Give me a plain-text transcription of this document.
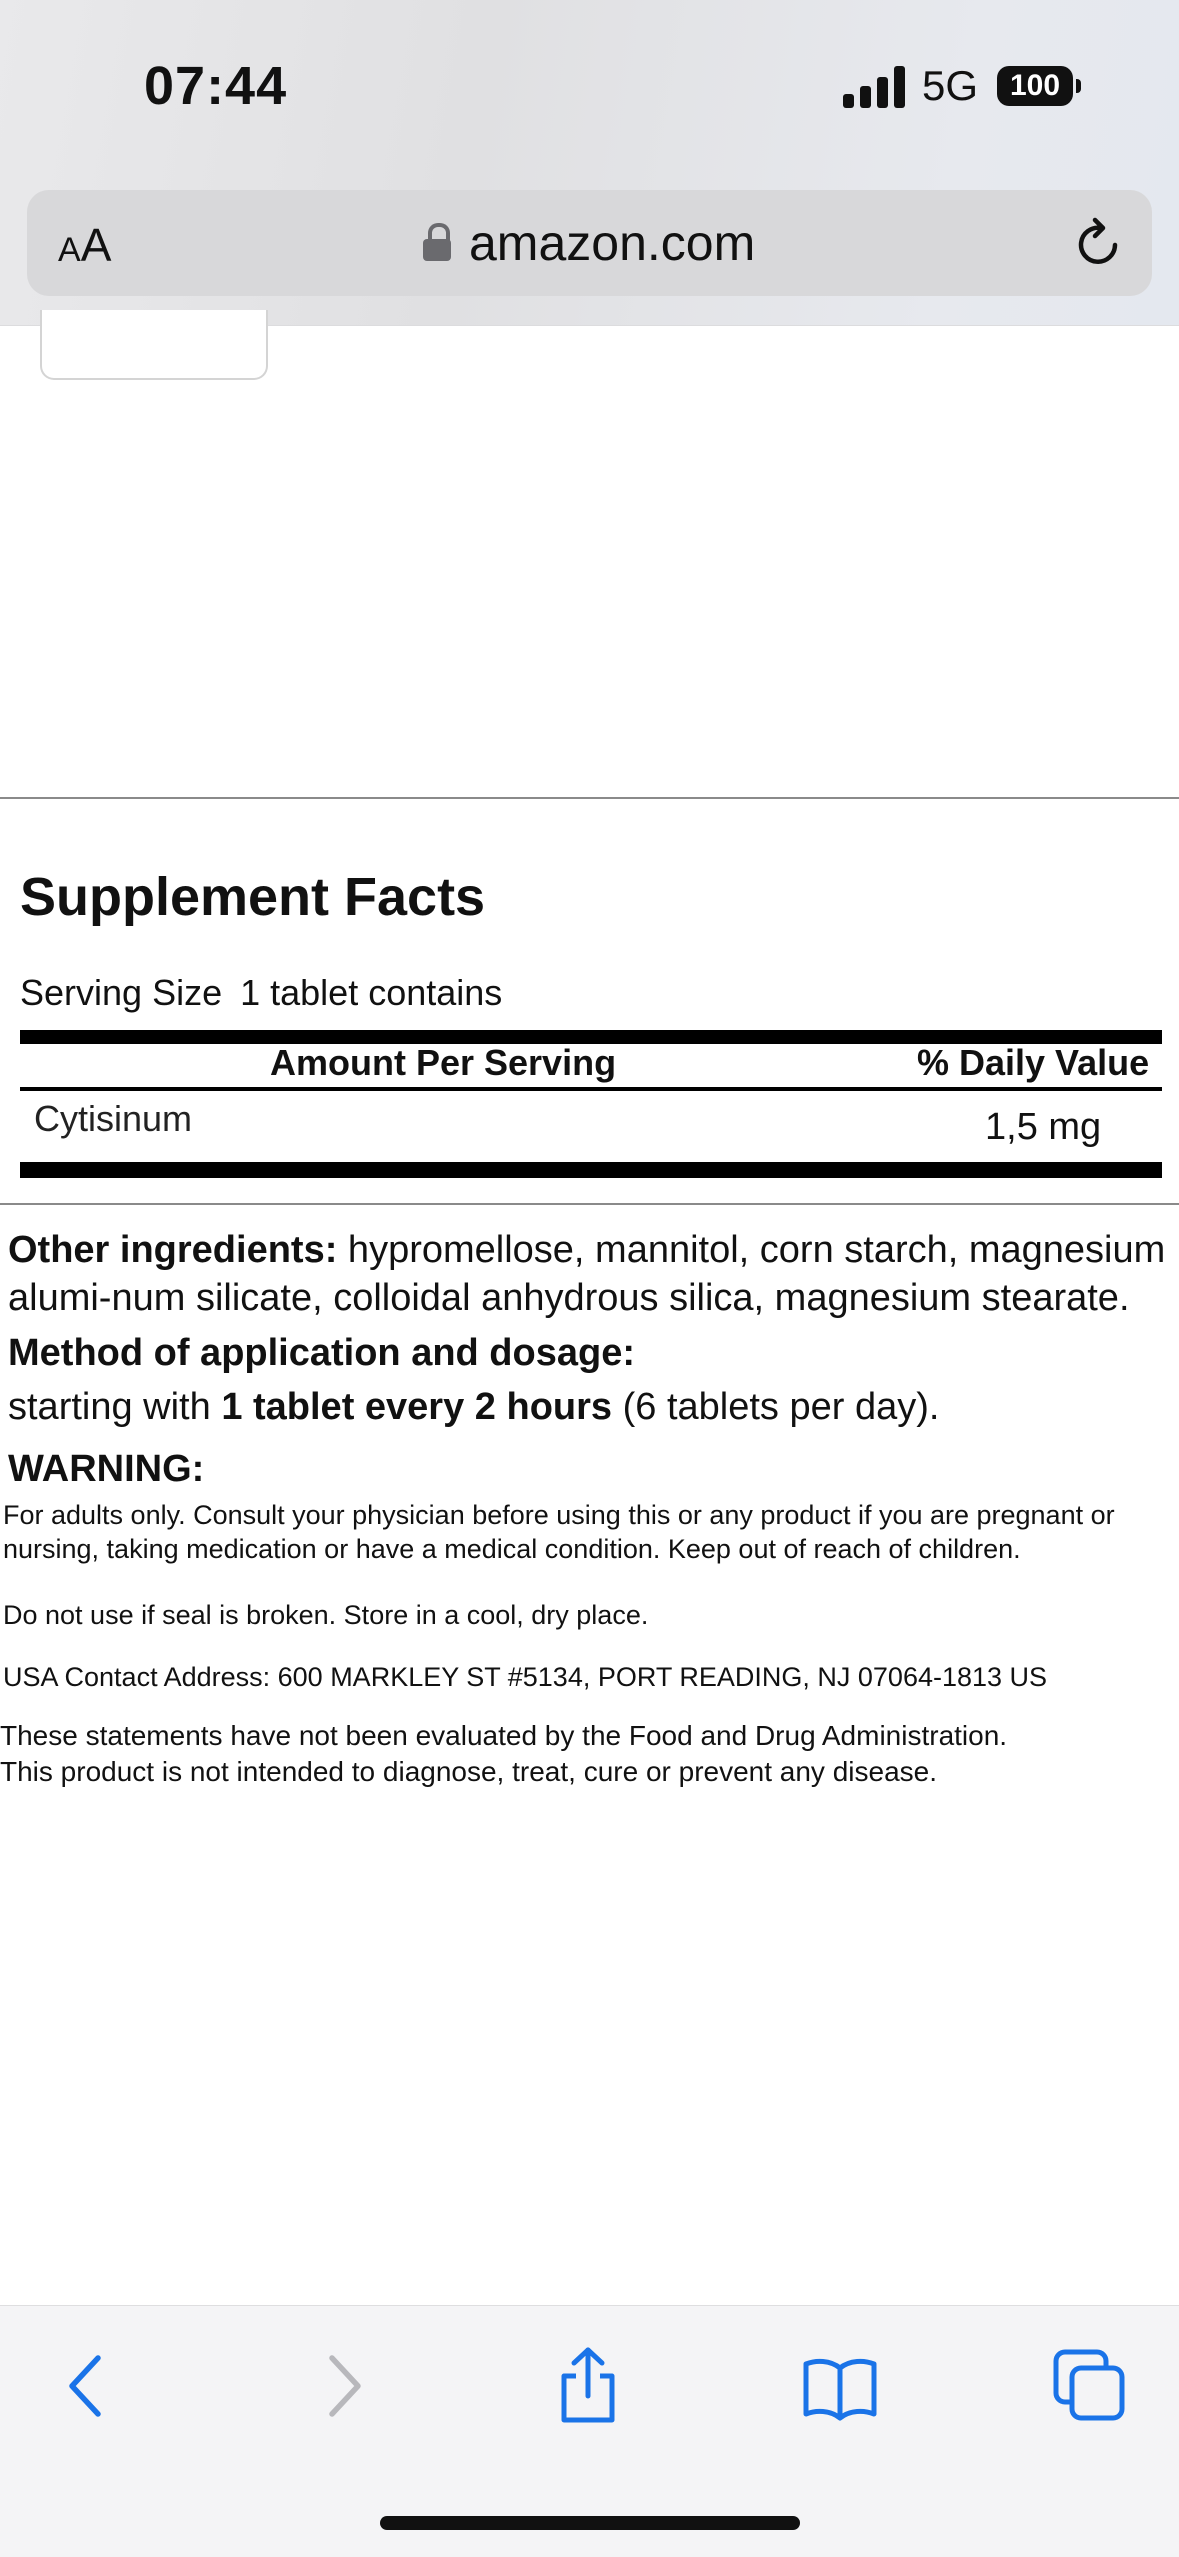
07:44	5G	100
AA	amazon.com
Supplement Facts
Serving Size 1 tablet contains
Amount Per Serving	% Daily Value
Cytisinum	1,5 mg
Other ingredients: hypromellose, mannitol, corn starch, magnesium alumi-num silicate, colloidal anhydrous silica, magnesium stearate.
Method of application and dosage:
starting with 1 tablet every 2 hours (6 tablets per day).
WARNING:
For adults only. Consult your physician before using this or any product if you are pregnant or nursing, taking medication or have a medical condition. Keep out of reach of children.
Do not use if seal is broken. Store in a cool, dry place.
USA Contact Address: 600 MARKLEY ST #5134, PORT READING, NJ 07064-1813 US
These statements have not been evaluated by the Food and Drug Administration.
This product is not intended to diagnose, treat, cure or prevent any disease.
